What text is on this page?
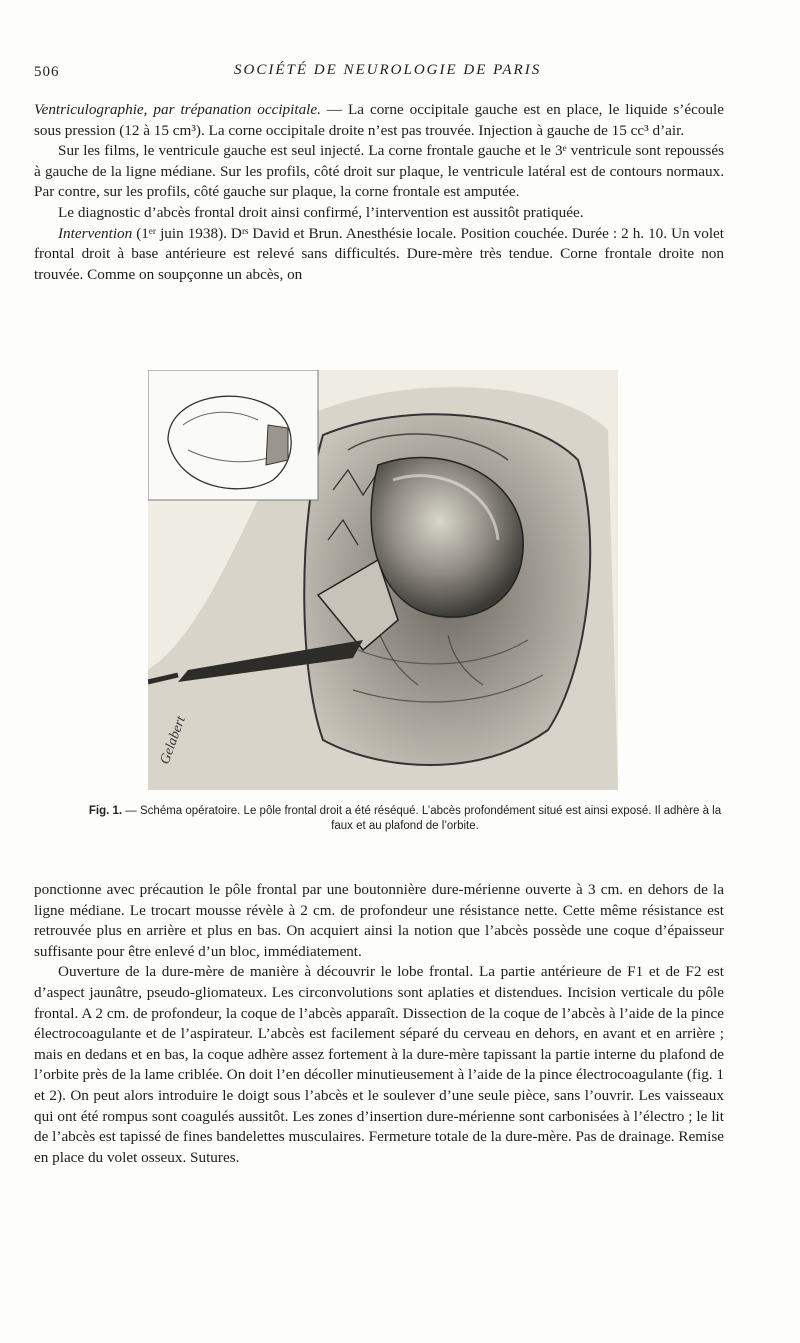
506	SOCIÉTÉ DE NEUROLOGIE DE PARIS

Ventriculographie, par trépanation occipitale. — La corne occipitale gauche est en place, le liquide s’écoule sous pression (12 à 15 cm³). La corne occipitale droite n’est pas trouvée. Injection à gauche de 15 cc³ d’air.

Sur les films, le ventricule gauche est seul injecté. La corne frontale gauche et le 3ᵉ ventricule sont repoussés à gauche de la ligne médiane. Sur les profils, côté droit sur plaque, le ventricule latéral est de contours normaux. Par contre, sur les profils, côté gauche sur plaque, la corne frontale est amputée.

Le diagnostic d’abcès frontal droit ainsi confirmé, l’intervention est aussitôt pratiquée.

Intervention (1ᵉʳ juin 1938). Dʳˢ David et Brun. Anesthésie locale. Position couchée. Durée : 2 h. 10. Un volet frontal droit à base antérieure est relevé sans difficultés. Dure-mère très tendue. Corne frontale droite non trouvée. Comme on soupçonne un abcès, on

Gelabert
Fig. 1. — Schéma opératoire. Le pôle frontal droit a été réséqué. L’abcès profondément situé est ainsi exposé. Il adhère à la faux et au plafond de l’orbite.

ponctionne avec précaution le pôle frontal par une boutonnière dure-mérienne ouverte à 3 cm. en dehors de la ligne médiane. Le trocart mousse révèle à 2 cm. de profondeur une résistance nette. Cette même résistance est retrouvée plus en arrière et plus en bas. On acquiert ainsi la notion que l’abcès possède une coque d’épaisseur suffisante pour être enlevé d’un bloc, immédiatement.

Ouverture de la dure-mère de manière à découvrir le lobe frontal. La partie antérieure de F1 et de F2 est d’aspect jaunâtre, pseudo-gliomateux. Les circonvolutions sont aplaties et distendues. Incision verticale du pôle frontal. A 2 cm. de profondeur, la coque de l’abcès apparaît. Dissection de la coque de l’abcès à l’aide de la pince électrocoagulante et de l’aspirateur. L’abcès est facilement séparé du cerveau en dehors, en avant et en arrière ; mais en dedans et en bas, la coque adhère assez fortement à la dure-mère tapissant la partie interne du plafond de l’orbite près de la lame criblée. On doit l’en décoller minutieusement à l’aide de la pince électrocoagulante (fig. 1 et 2). On peut alors introduire le doigt sous l’abcès et le soulever d’une seule pièce, sans l’ouvrir. Les vaisseaux qui ont été rompus sont coagulés aussitôt. Les zones d’insertion dure-mérienne sont carbonisées à l’électro ; le lit de l’abcès est tapissé de fines bandelettes musculaires. Fermeture totale de la dure-mère. Pas de drainage. Remise en place du volet osseux. Sutures.
